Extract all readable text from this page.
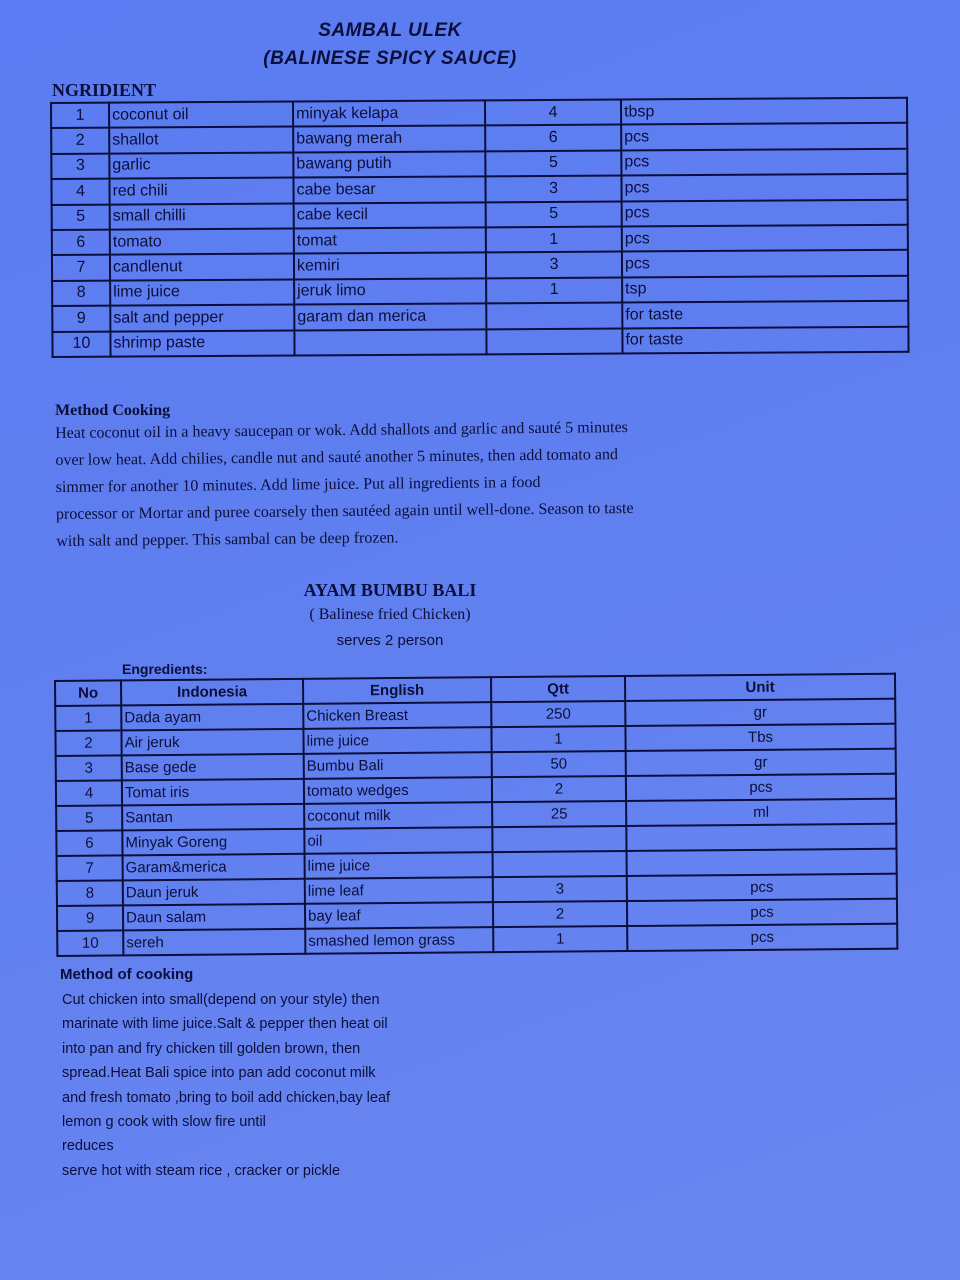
SAMBAL ULEK
(BALINESE SPICY SAUCE)
NGRIDIENT
1	coconut oil	minyak kelapa	4	tbsp
2	shallot	bawang merah	6	pcs
3	garlic	bawang putih	5	pcs
4	red chili	cabe besar	3	pcs
5	small chilli	cabe kecil	5	pcs
6	tomato	tomat	1	pcs
7	candlenut	kemiri	3	pcs
8	lime juice	jeruk limo	1	tsp
9	salt and pepper	garam dan merica		for taste
10	shrimp paste			for taste
Method Cooking
Heat coconut oil in a heavy saucepan or wok. Add shallots and garlic and sauté 5 minutes
over low heat. Add chilies, candle nut and sauté another 5 minutes, then add tomato and
simmer for another 10 minutes. Add lime juice. Put all ingredients in a food
processor or Mortar and puree coarsely then sautéed again until well-done. Season to taste
with salt and pepper. This sambal can be deep frozen.
AYAM BUMBU BALI
( Balinese fried Chicken)
serves 2 person
Engredients:
No	Indonesia	English	Qtt	Unit
1	Dada ayam	Chicken Breast	250	gr
2	Air jeruk	lime juice	1	Tbs
3	Base gede	Bumbu Bali	50	gr
4	Tomat iris	tomato wedges	2	pcs
5	Santan	coconut milk	25	ml
6	Minyak Goreng	oil		
7	Garam&merica	lime juice		
8	Daun jeruk	lime leaf	3	pcs
9	Daun salam	bay leaf	2	pcs
10	sereh	smashed lemon grass	1	pcs
Method of cooking
Cut chicken into small(depend on your style) then
marinate with lime juice.Salt & pepper then heat oil
into pan and fry chicken till golden brown, then
spread.Heat Bali spice into pan add coconut milk
and fresh tomato ,bring to boil add chicken,bay leaf
lemon g cook with slow fire until
reduces
serve hot with steam rice , cracker or pickle
